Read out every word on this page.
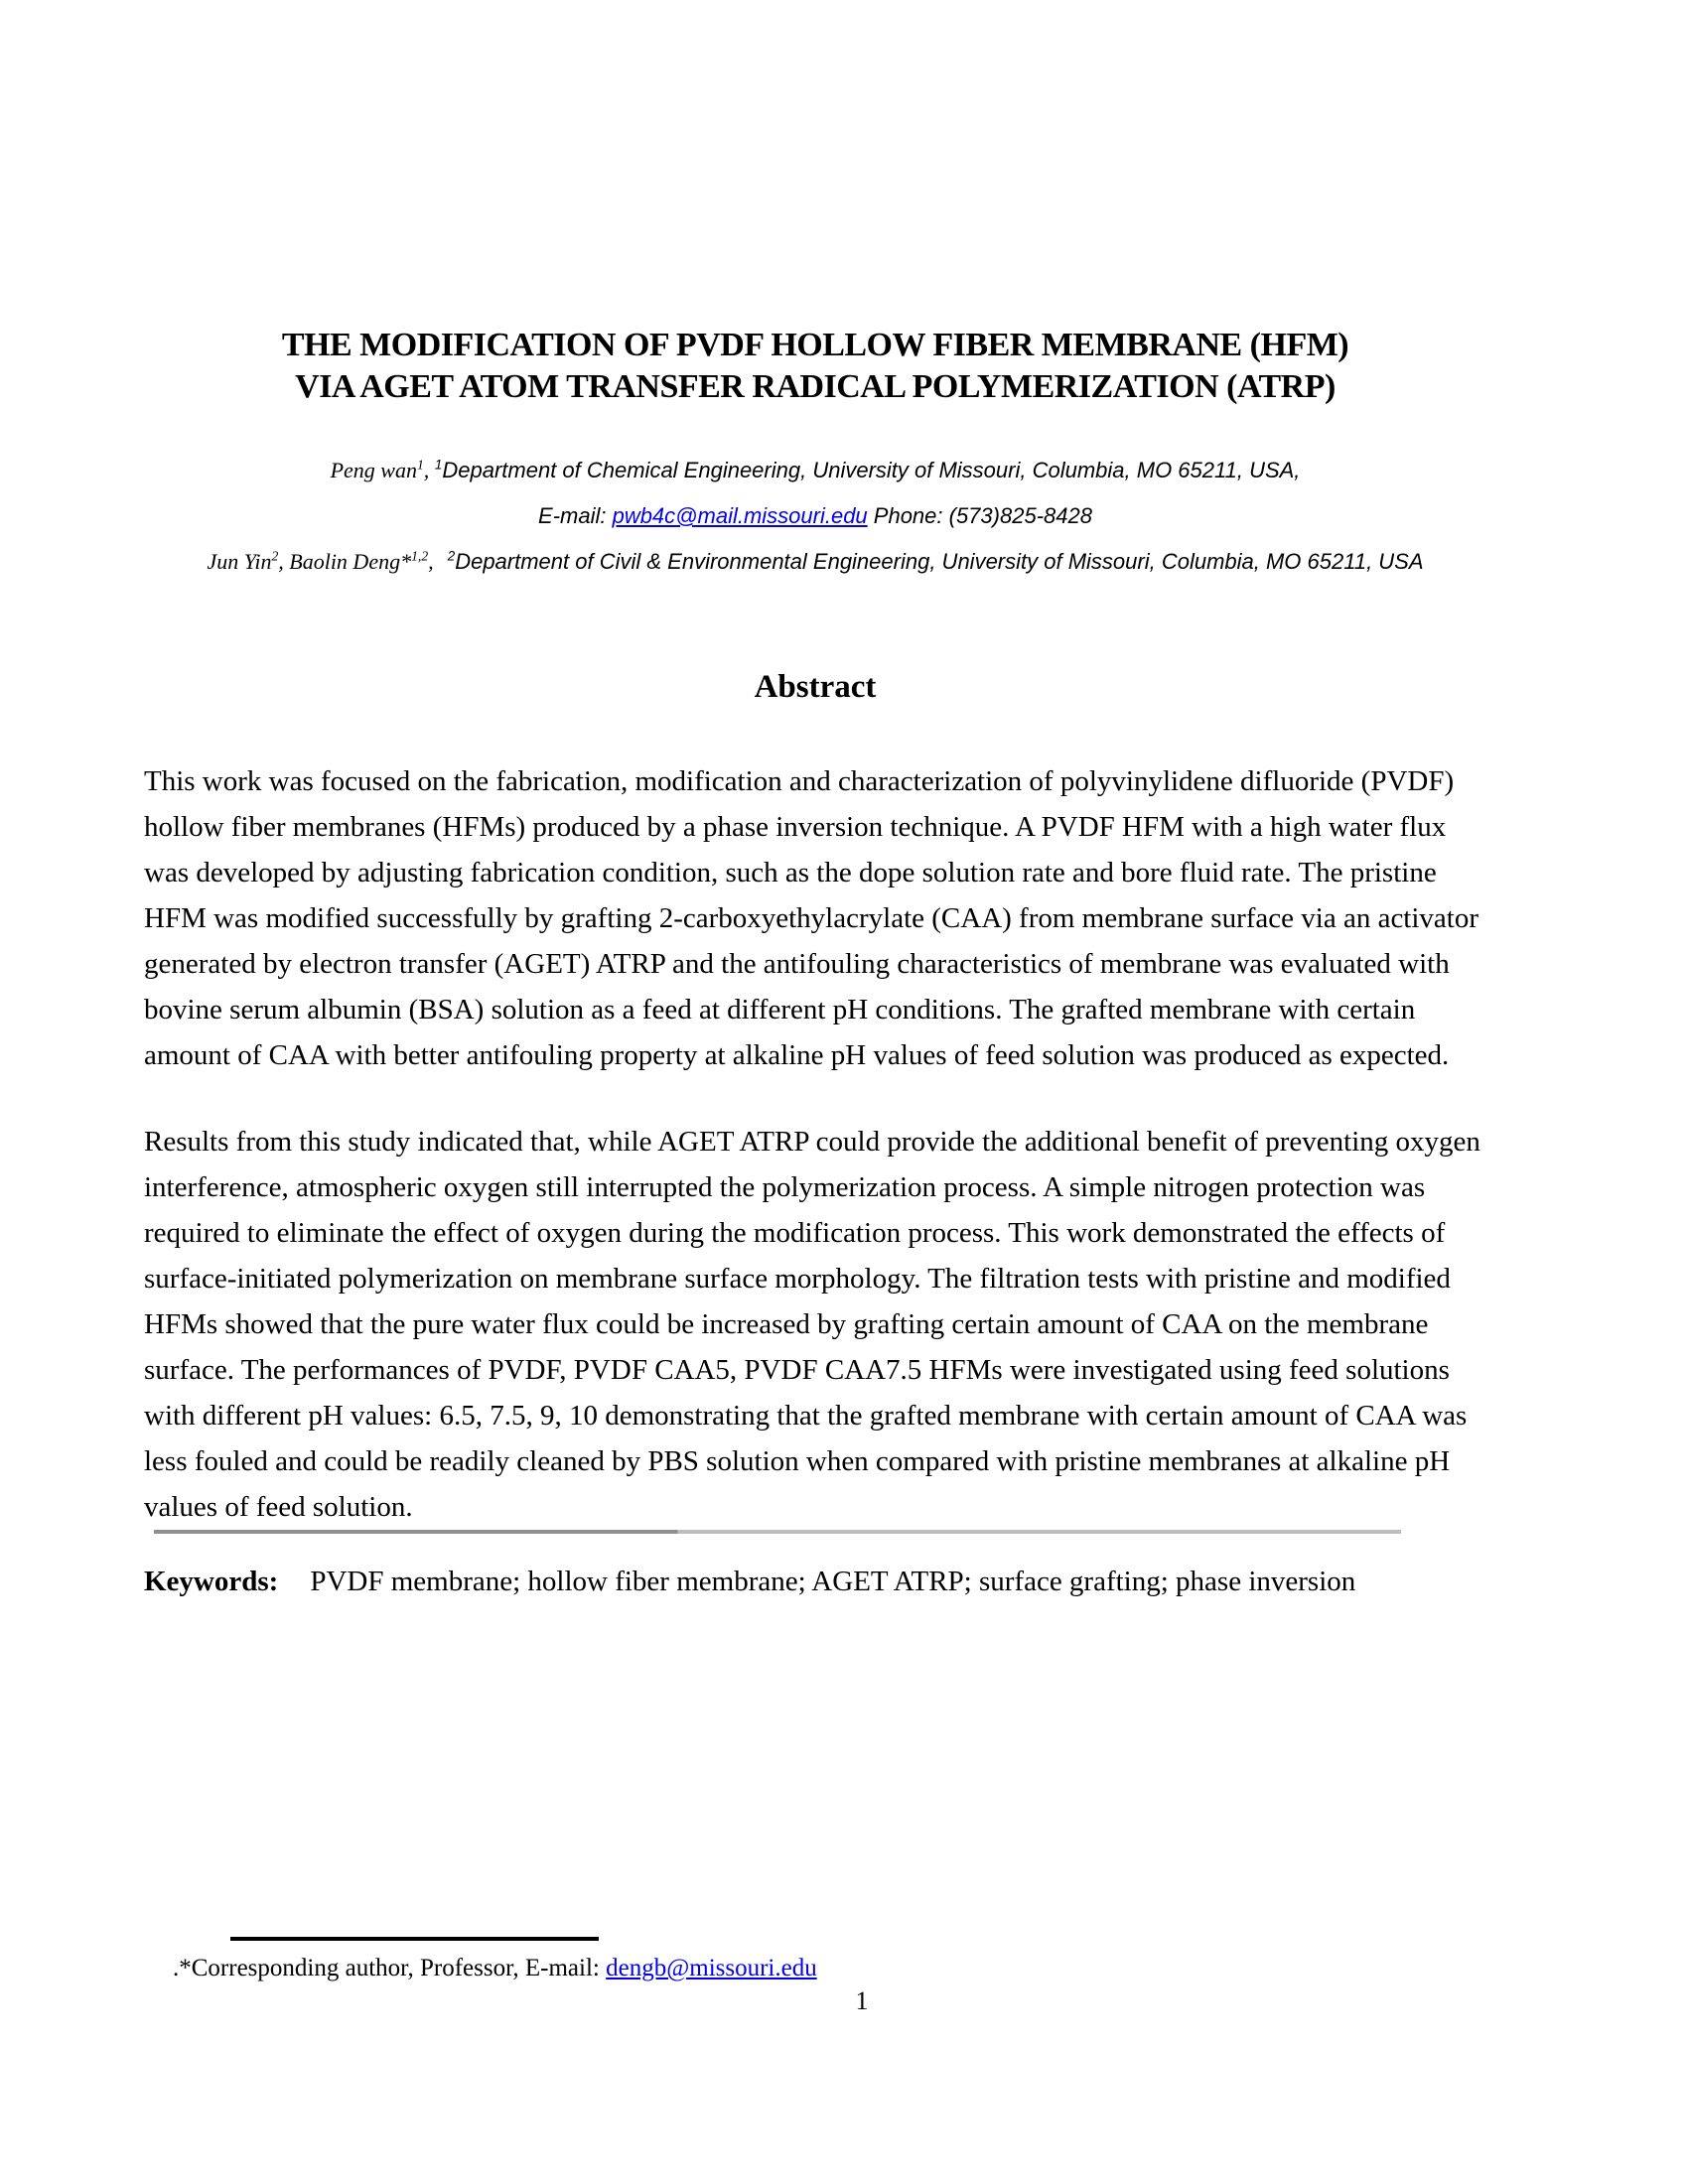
THE MODIFICATION OF PVDF HOLLOW FIBER MEMBRANE (HFM)
VIA AGET ATOM TRANSFER RADICAL POLYMERIZATION (ATRP)
Peng wan$^1$, $^1$Department of Chemical Engineering, University of Missouri, Columbia, MO 65211, USA,
E-mail: pwb4c@mail.missouri.edu Phone: (573)825-8428
Jun Yin$^2$, Baolin Deng*$^{1,2}$, $^2$Department of Civil & Environmental Engineering, University of Missouri, Columbia, MO 65211, USA
Abstract

This work was focused on the fabrication, modification and characterization of polyvinylidene difluoride (PVDF) hollow fiber membranes (HFMs) produced by a phase inversion technique. A PVDF HFM with a high water flux was developed by adjusting fabrication condition, such as the dope solution rate and bore fluid rate. The pristine HFM was modified successfully by grafting 2-carboxyethylacrylate (CAA) from membrane surface via an activator generated by electron transfer (AGET) ATRP and the antifouling characteristics of membrane was evaluated with bovine serum albumin (BSA) solution as a feed at different pH conditions. The grafted membrane with certain amount of CAA with better antifouling property at alkaline pH values of feed solution was produced as expected.

Results from this study indicated that, while AGET ATRP could provide the additional benefit of preventing oxygen interference, atmospheric oxygen still interrupted the polymerization process. A simple nitrogen protection was required to eliminate the effect of oxygen during the modification process. This work demonstrated the effects of surface-initiated polymerization on membrane surface morphology. The filtration tests with pristine and modified HFMs showed that the pure water flux could be increased by grafting certain amount of CAA on the membrane surface. The performances of PVDF, PVDF CAA5, PVDF CAA7.5 HFMs were investigated using feed solutions with different pH values: 6.5, 7.5, 9, 10 demonstrating that the grafted membrane with certain amount of CAA was less fouled and could be readily cleaned by PBS solution when compared with pristine membranes at alkaline pH values of feed solution.

Keywords: PVDF membrane; hollow fiber membrane; AGET ATRP; surface grafting; phase inversion

.*Corresponding author, Professor, E-mail: dengb@missouri.edu

1
